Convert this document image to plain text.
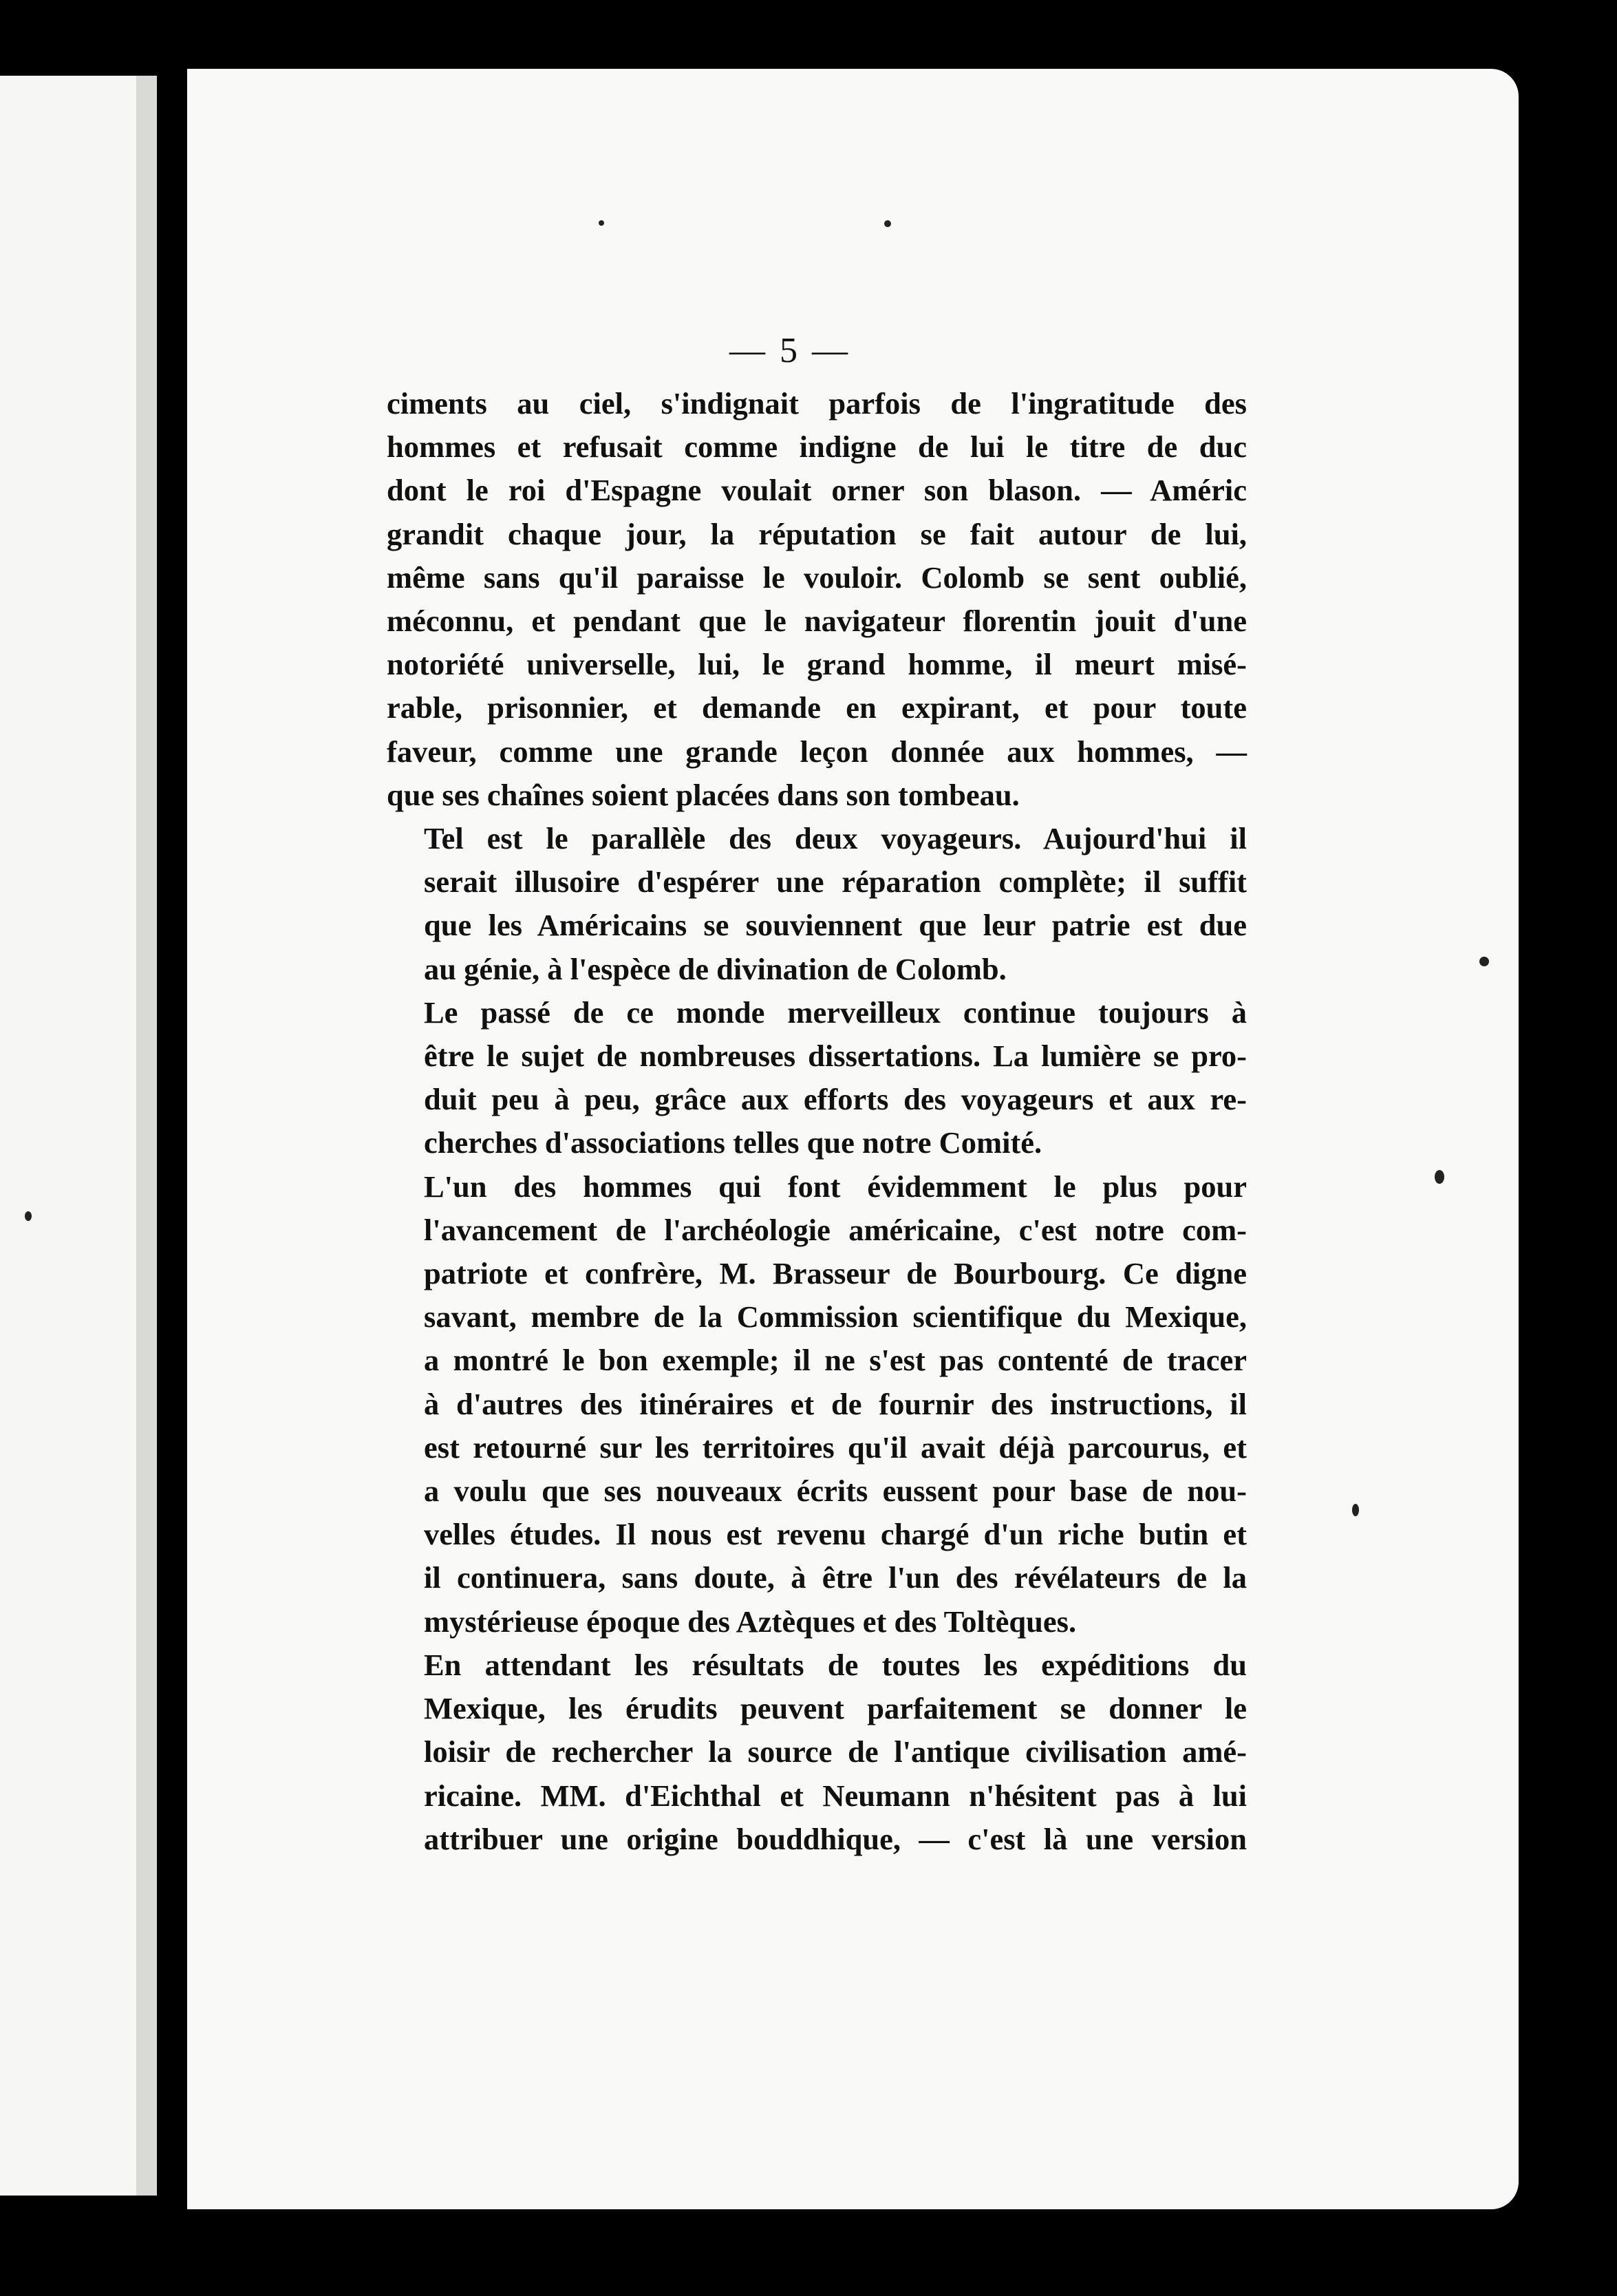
— 5 —

ciments au ciel, s'indignait parfois de l'ingratitude des
hommes et refusait comme indigne de lui le titre de duc
dont le roi d'Espagne voulait orner son blason. — Améric
grandit chaque jour, la réputation se fait autour de lui,
même sans qu'il paraisse le vouloir. Colomb se sent oublié,
méconnu, et pendant que le navigateur florentin jouit d'une
notoriété universelle, lui, le grand homme, il meurt misé-
rable, prisonnier, et demande en expirant, et pour toute
faveur, comme une grande leçon donnée aux hommes, —
que ses chaînes soient placées dans son tombeau.

Tel est le parallèle des deux voyageurs. Aujourd'hui il
serait illusoire d'espérer une réparation complète; il suffit
que les Américains se souviennent que leur patrie est due
au génie, à l'espèce de divination de Colomb.

Le passé de ce monde merveilleux continue toujours à
être le sujet de nombreuses dissertations. La lumière se pro-
duit peu à peu, grâce aux efforts des voyageurs et aux re-
cherches d'associations telles que notre Comité.

L'un des hommes qui font évidemment le plus pour
l'avancement de l'archéologie américaine, c'est notre com-
patriote et confrère, M. Brasseur de Bourbourg. Ce digne
savant, membre de la Commission scientifique du Mexique,
a montré le bon exemple; il ne s'est pas contenté de tracer
à d'autres des itinéraires et de fournir des instructions, il
est retourné sur les territoires qu'il avait déjà parcourus, et
a voulu que ses nouveaux écrits eussent pour base de nou-
velles études. Il nous est revenu chargé d'un riche butin et
il continuera, sans doute, à être l'un des révélateurs de la
mystérieuse époque des Aztèques et des Toltèques.

En attendant les résultats de toutes les expéditions du
Mexique, les érudits peuvent parfaitement se donner le
loisir de rechercher la source de l'antique civilisation amé-
ricaine. MM. d'Eichthal et Neumann n'hésitent pas à lui
attribuer une origine bouddhique, — c'est là une version
